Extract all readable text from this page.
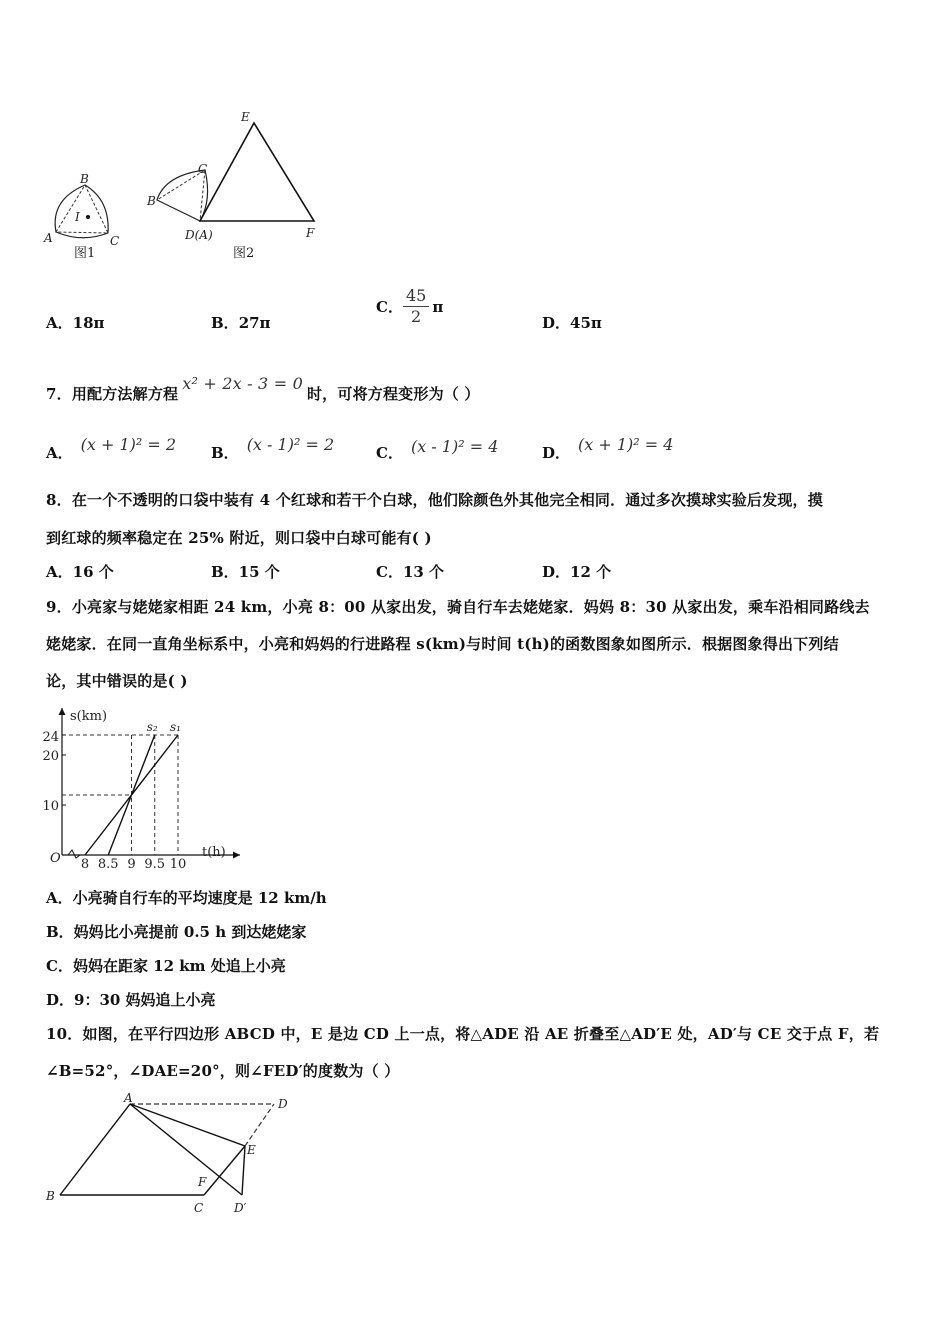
A
B
C
I
图1
E
C
B
D(A)	F
图2
A．18π	B．27π
C． $\frac{45}{2}$ π
D．45π
7．用配方法解方程x² + 2x - 3 = 0时，可将方程变形为（ ）
A． (x + 1)² = 2 B． (x - 1)² = 2	C． (x - 1)² = 4	D． (x + 1)² = 4
8．在一个不透明的口袋中装有 4 个红球和若干个白球，他们除颜色外其他完全相同．通过多次摸球实验后发现，摸
到红球的频率稳定在 25% 附近，则口袋中白球可能有( )
A．16 个	B．15 个	C．13 个	D．12 个
9．小亮家与姥姥家相距 24 km，小亮 8：00 从家出发，骑自行车去姥姥家．妈妈 8：30 从家出发，乘车沿相同路线去
姥姥家．在同一直角坐标系中，小亮和妈妈的行进路程 s(km)与时间 t(h)的函数图象如图所示．根据图象得出下列结
论，其中错误的是( )
s₁
s₂
8 8.5 9 9.5 10
10
20
24
s(km)
t(h)
O
A．小亮骑自行车的平均速度是 12 km/h
B．妈妈比小亮提前 0.5 h 到达姥姥家
C．妈妈在距家 12 km 处追上小亮
D．9：30 妈妈追上小亮
10．如图，在平行四边形 ABCD 中，E 是边 CD 上一点，将△ADE 沿 AE 折叠至△AD′E 处，AD′与 CE 交于点 F，若
∠B=52°，∠DAE=20°，则∠FED′的度数为（ ）
A	D
E
F
B
C	D′
